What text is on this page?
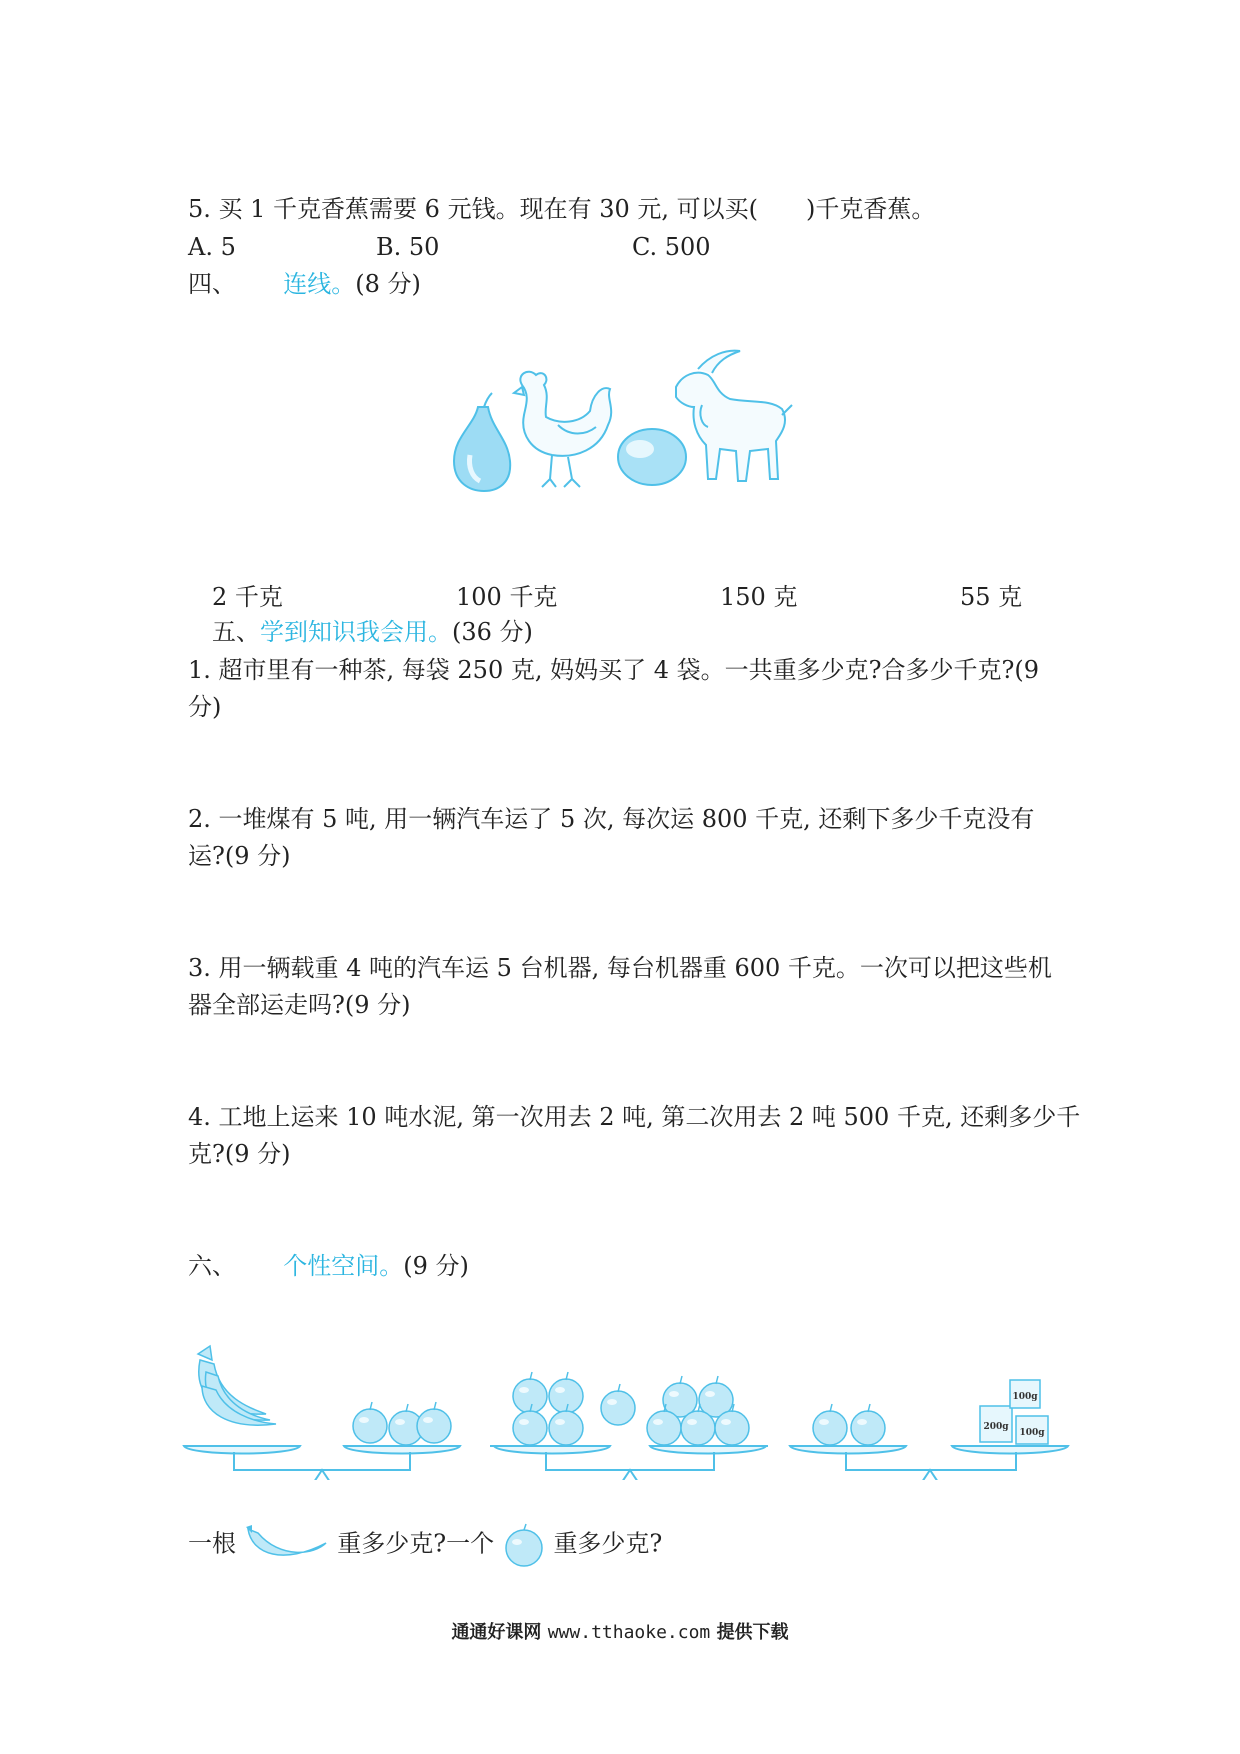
5. 买 1 千克香蕉需要 6 元钱。现在有 30 元, 可以买(　　)千克香蕉。
A. 5	B. 50	C. 500
四、 连线。(8 分)
2 千克	100 千克	150 克	55 克
五、学到知识我会用。(36 分)
1. 超市里有一种茶, 每袋 250 克, 妈妈买了 4 袋。一共重多少克?合多少千克?(9
分)
2. 一堆煤有 5 吨, 用一辆汽车运了 5 次, 每次运 800 千克, 还剩下多少千克没有
运?(9 分)
3. 用一辆载重 4 吨的汽车运 5 台机器, 每台机器重 600 千克。一次可以把这些机
器全部运走吗?(9 分)
4. 工地上运来 10 吨水泥, 第一次用去 2 吨, 第二次用去 2 吨 500 千克, 还剩多少千
克?(9 分)
六、 个性空间。(9 分)
100g
200g
100g
一根	重多少克?一个 重多少克?
通通好课网 www.tthaoke.com 提供下载
